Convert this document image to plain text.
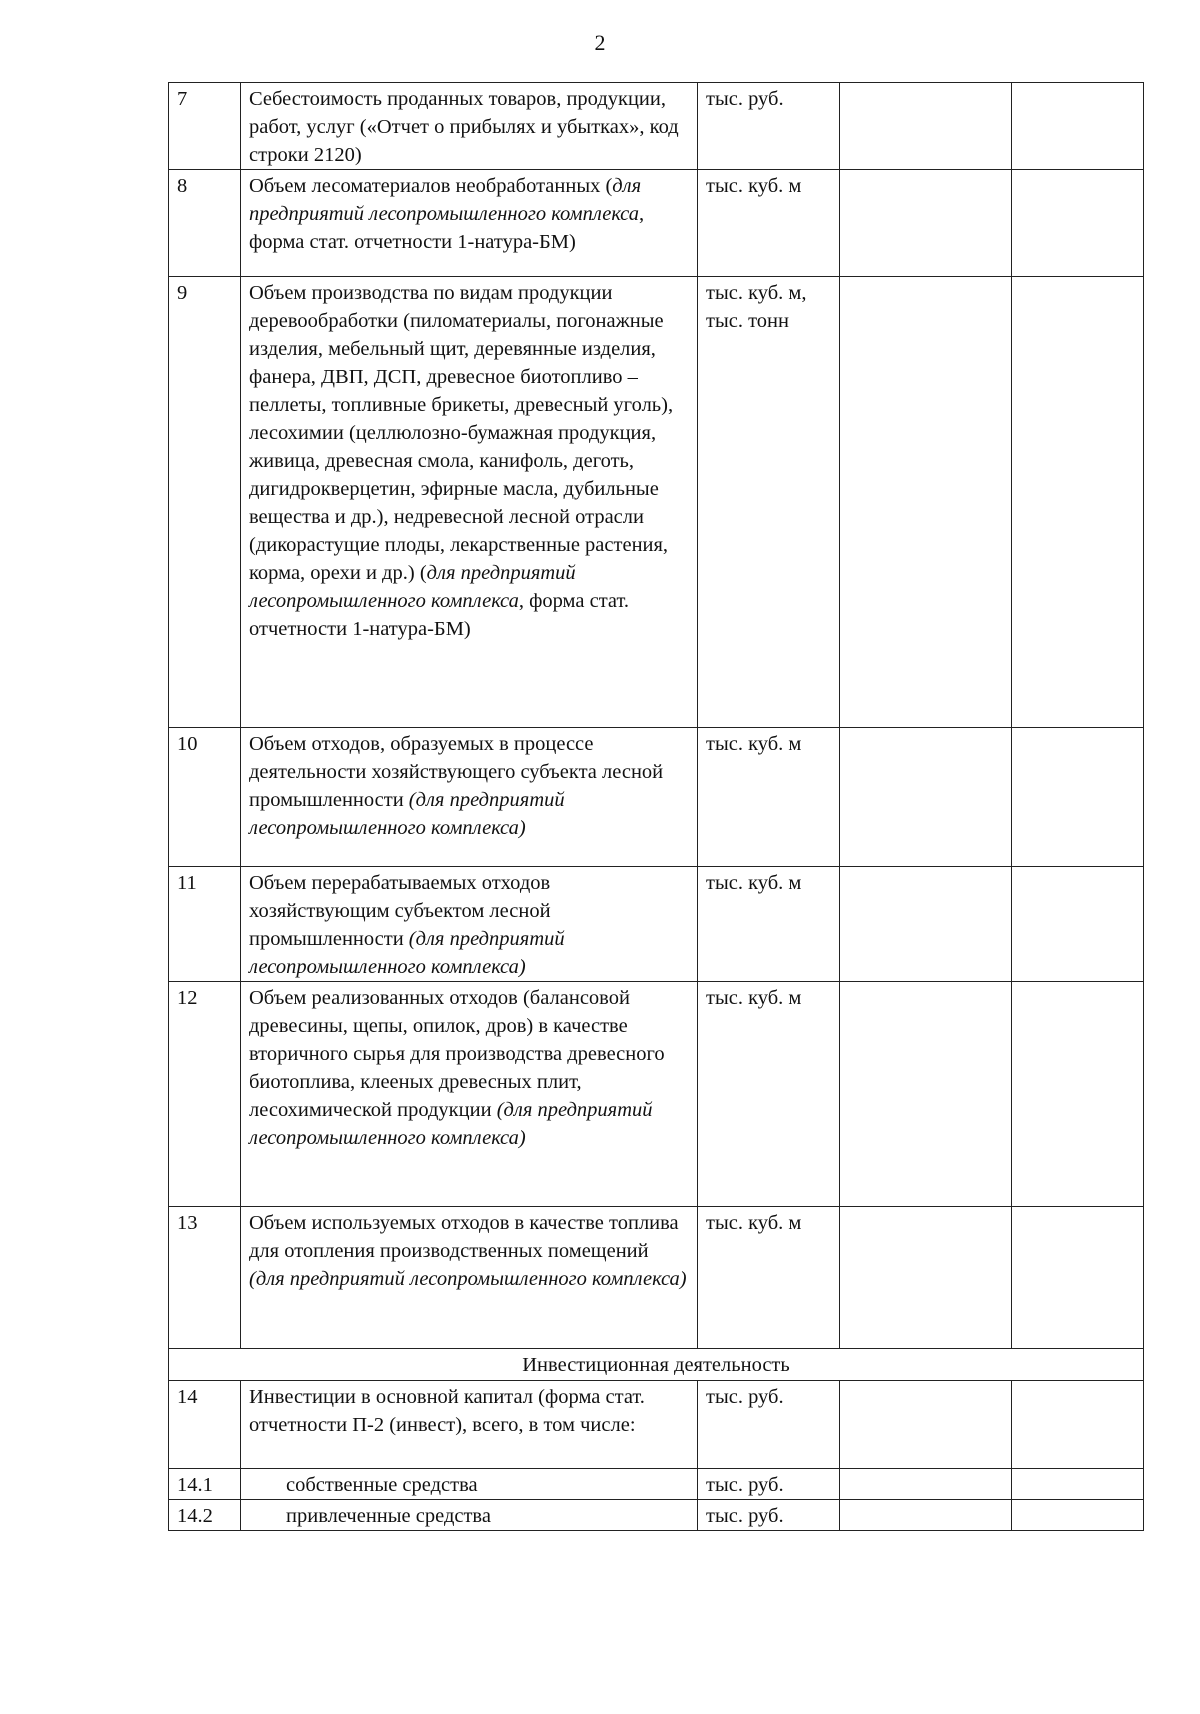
2
7	Себестоимость проданных товаров, продукции, работ, услуг («Отчет о прибылях и убытках», код строки 2120)	тыс. руб.		
8	Объем лесоматериалов необработанных (для предприятий лесопромышленного комплекса, форма стат. отчетности 1-натура-БМ)	тыс. куб. м		
9	Объем производства по видам продукции деревообработки (пиломатериалы, погонажные изделия, мебельный щит, деревянные изделия, фанера, ДВП, ДСП, древесное биотопливо – пеллеты, топливные брикеты, древесный уголь), лесохимии (целлюлозно-бумажная продукция, живица, древесная смола, канифоль, деготь, дигидрокверцетин, эфирные масла, дубильные вещества и др.), недревесной лесной отрасли (дикорастущие плоды, лекарственные растения, корма, орехи и др.) (для предприятий лесопромышленного комплекса, форма стат. отчетности 1-натура-БМ)	тыс. куб. м, тыс. тонн		
10	Объем отходов, образуемых в процессе деятельности хозяйствующего субъекта лесной промышленности (для предприятий лесопромышленного комплекса)	тыс. куб. м		
11	Объем перерабатываемых отходов хозяйствующим субъектом лесной промышленности (для предприятий лесопромышленного комплекса)	тыс. куб. м		
12	Объем реализованных отходов (балансовой древесины, щепы, опилок, дров) в качестве вторичного сырья для производства древесного биотоплива, клееных древесных плит, лесохимической продукции (для предприятий лесопромышленного комплекса)	тыс. куб. м		
13	Объем используемых отходов в качестве топлива для отопления производственных помещений (для предприятий лесопромышленного комплекса)	тыс. куб. м		
Инвестиционная деятельность				
14	Инвестиции в основной капитал (форма стат. отчетности П-2 (инвест), всего, в том числе:	тыс. руб.		
14.1	собственные средства	тыс. руб.		
14.2	привлеченные средства	тыс. руб.		
